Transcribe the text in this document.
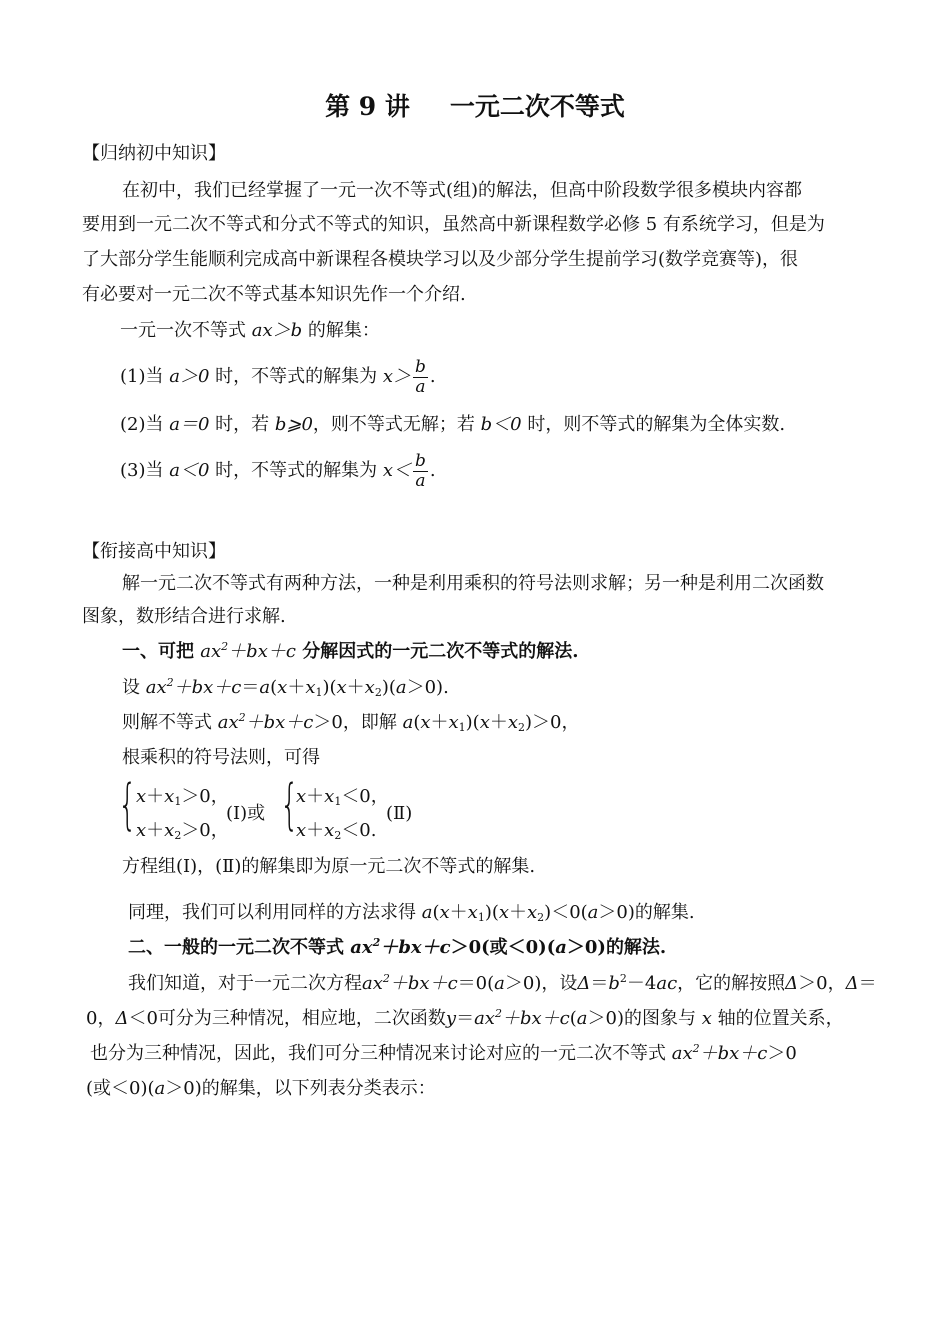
第 9 讲 一元二次不等式
【归纳初中知识】
在初中，我们已经掌握了一元一次不等式(组)的解法，但高中阶段数学很多模块内容都
要用到一元二次不等式和分式不等式的知识，虽然高中新课程数学必修 5 有系统学习，但是为
了大部分学生能顺利完成高中新课程各模块学习以及少部分学生提前学习(数学竞赛等)，很
有必要对一元二次不等式基本知识先作一个介绍.
一元一次不等式 ax＞b 的解集：
(1)当 a＞0 时，不等式的解集为 $x> \frac{b}{a}$ .
(2)当 a＝0 时，若 b⩾0，则不等式无解；若 b＜0 时，则不等式的解集为全体实数.
(3)当 a＜0 时，不等式的解集为 $x< \frac{b}{a}$ .
【衔接高中知识】
解一元二次不等式有两种方法，一种是利用乘积的符号法则求解；另一种是利用二次函数
图象，数形结合进行求解.
一、可把 $ax^2+bx+c$ 分解因式的一元二次不等式的解法.
设 $ax^2+bx+c=a(x+x_1)(x+x_2)(a>0)$.
则解不等式 $ax^2+bx+c>0$，即解 $a(x+x_1)(x+x_2)>0$，
根乘积的符号法则，可得
{ $x+x_1>0$，
$x+x_2>0$，
(Ⅰ)或 {
$x+x_1<0$，
$x+x_2<0$.
(Ⅱ)
方程组(Ⅰ)，(Ⅱ)的解集即为原一元二次不等式的解集.
同理，我们可以利用同样的方法求得 $a(x+x_1)(x+x_2)<0(a>0)$的解集.
二、一般的一元二次不等式 $ax^2+bx+c>0$(或＜0)(a＞0)的解法.
我们知道，对于一元二次方程$ax^2+bx+c=0(a>0)$，设$\Delta=b^2-4ac$，它的解按照Δ＞0，Δ＝
0，Δ＜0可分为三种情况，相应地，二次函数$y=ax^2+bx+c(a>0)$的图象与 x 轴的位置关系，
也分为三种情况，因此，我们可分三种情况来讨论对应的一元二次不等式 $ax^2+bx+c>0$
(或＜0)(a＞0)的解集，以下列表分类表示：
